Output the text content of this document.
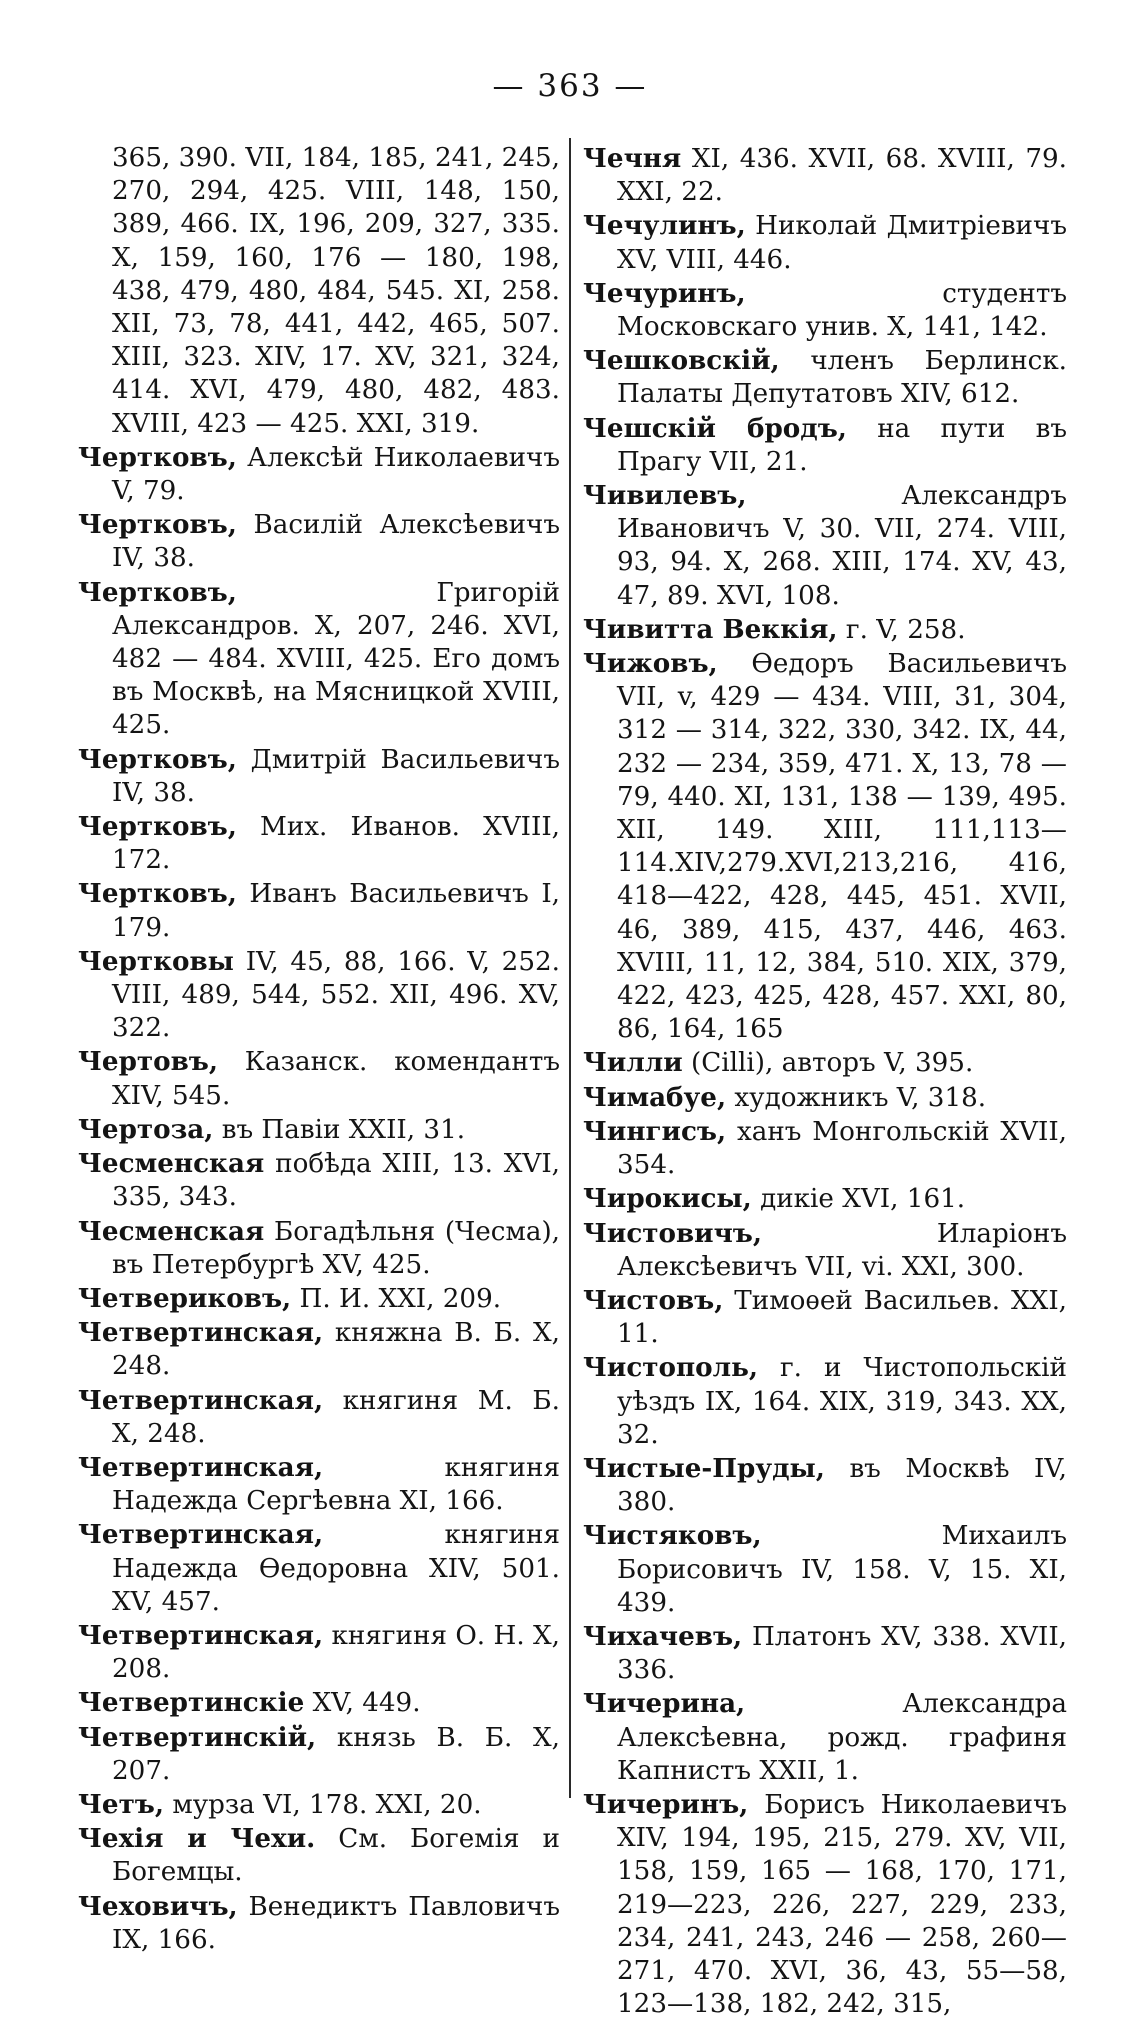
— 363 —

365, 390. VII, 184, 185, 241, 245, 270, 294, 425. VIII, 148, 150, 389, 466. IX, 196, 209, 327, 335. X, 159, 160, 176 — 180, 198, 438, 479, 480, 484, 545. XI, 258. XII, 73, 78, 441, 442, 465, 507. XIII, 323. XIV, 17. XV, 321, 324, 414. XVI, 479, 480, 482, 483. XVIII, 423 — 425. XXI, 319.

Чертковъ, Алексѣй Николаевичъ V, 79.

Чертковъ, Василій Алексѣевичъ IV, 38.

Чертковъ,	Григорій Александров. X, 207, 246. XVI, 482 — 484. XVIII, 425. Его домъ въ Москвѣ, на Мясницкой XVIII, 425.

Чертковъ, Дмитрій Васильевичъ IV, 38.

Чертковъ, Мих. Иванов. XVIII, 172.

Чертковъ, Иванъ Васильевичъ I, 179.

Чертковы IV, 45, 88, 166. V, 252. VIII, 489, 544, 552. XII, 496. XV, 322.

Чертовъ, Казанск. комендантъ XIV, 545.

Чертоза, въ Павіи XXII, 31.

Чесменская побѣда XIII, 13. XVI, 335, 343.

Чесменская Богадѣльня (Чесма), въ Петербургѣ XV, 425.

Четвериковъ, П. И. XXI, 209.

Четвертинская, княжна В. Б. X, 248.

Четвертинская, княгиня М. Б. X, 248.

Четвертинская,	княгиня Надежда Сергѣевна XI, 166.

Четвертинская,	княгиня Надежда Ѳедоровна XIV, 501. XV, 457.

Четвертинская, княгиня О. Н. X, 208.

Четвертинскіе XV, 449.

Четвертинскій, князь В. Б. X, 207.

Четъ, мурза VI, 178. XXI, 20.

Чехія и Чехи. См. Богемія и Богемцы.

Чеховичъ, Венедиктъ Павловичъ IX, 166.

Чечня XI, 436. XVII, 68. XVIII, 79. XXI, 22.

Чечулинъ, Николай Дмитріевичъ XV, VIII, 446.

Чечуринъ,	студентъ Московскаго унив. X, 141, 142.

Чешковскій, членъ Берлинск. Палаты Депутатовъ XIV, 612.

Чешскій бродъ, на пути въ Прагу VII, 21.

Чивилевъ,	Александръ Ивановичъ V, 30. VII, 274. VIII, 93, 94. X, 268. XIII, 174. XV, 43, 47, 89. XVI, 108.

Чивитта Веккія, г. V, 258.

Чижовъ, Ѳедоръ Васильевичъ VII, v, 429 — 434. VIII, 31, 304, 312 — 314, 322, 330, 342. IX, 44, 232 — 234, 359, 471. X, 13, 78 — 79, 440. XI, 131, 138 — 139, 495. XII, 149. XIII, 111,113—114.XIV,279.XVI,213,216, 416, 418—422, 428, 445, 451. XVII, 46, 389, 415, 437, 446, 463. XVIII, 11, 12, 384, 510. XIX, 379, 422, 423, 425, 428, 457. XXI, 80, 86, 164, 165

Чилли (Cilli), авторъ V, 395.

Чимабуе, художникъ V, 318.

Чингисъ, ханъ Монгольскій XVII, 354.

Чирокисы, дикіе XVI, 161.

Чистовичъ,	Иларіонъ Алексѣевичъ VII, vi. XXI, 300.

Чистовъ, Тимоѳей Васильев. XXI, 11.

Чистополь, г. и Чистопольскій уѣздъ IX, 164. XIX, 319, 343. XX, 32.

Чистые-Пруды, въ Москвѣ IV, 380.

Чистяковъ,	Михаилъ Борисовичъ IV, 158. V, 15. XI, 439.

Чихачевъ, Платонъ XV, 338. XVII, 336.

Чичерина,	Александра Алексѣевна, рожд. графиня Капнистъ XXII, 1.

Чичеринъ, Борисъ Николаевичъ XIV, 194, 195, 215, 279. XV, VII, 158, 159, 165 — 168, 170, 171, 219—223, 226, 227, 229, 233, 234, 241, 243, 246 — 258, 260—271, 470. XVI, 36, 43, 55—58, 123—138, 182, 242, 315,
